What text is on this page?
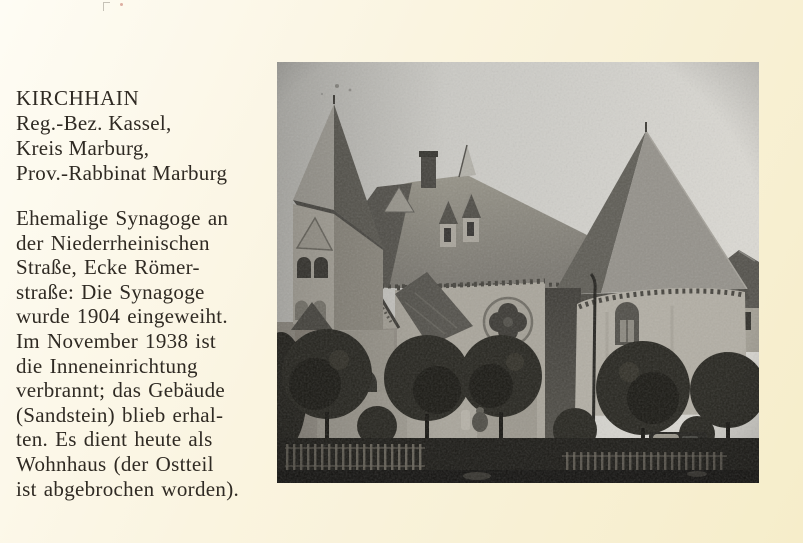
KIRCHHAIN
Reg.-Bez. Kassel,
Kreis Marburg,
Prov.-Rabbinat Marburg
Ehemalige Synagoge an
der Niederrheinischen
Straße, Ecke Römer-
straße: Die Synagoge
wurde 1904 eingeweiht.
Im November 1938 ist
die Inneneinrichtung
verbrannt; das Gebäude
(Sandstein) blieb erhal-
ten. Es dient heute als
Wohnhaus (der Ostteil
ist abgebrochen worden).
